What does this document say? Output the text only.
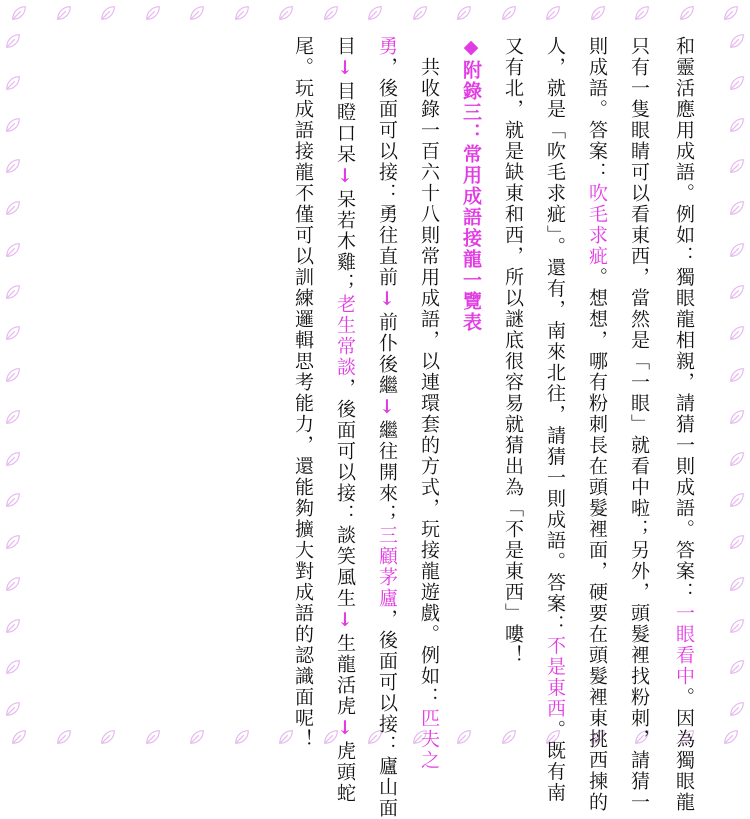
和靈活應用成語。例如：獨眼龍相親，請猜一則成語。答案：一眼看中。因為獨眼龍
只有一隻眼睛可以看東西，當然是「一眼」就看中啦；另外，頭髮裡找粉刺，請猜一
則成語。答案：吹毛求疵。想想，哪有粉刺長在頭髮裡面，硬要在頭髮裡東挑西揀的
人，就是「吹毛求疵」。還有，南來北往，請猜一則成語。答案：不是東西。既有南
又有北，就是缺東和西，所以謎底很容易就猜出為「不是東西」嘍！
◆附錄三：常用成語接龍一覽表
　共收錄一百六十八則常用成語，以連環套的方式，玩接龍遊戲。例如：匹夫之
勇，後面可以接：勇往直前↓前仆後繼↓繼往開來；三顧茅廬，後面可以接：廬山面
目↓目瞪口呆↓呆若木雞；老生常談，後面可以接：談笑風生↓生龍活虎↓虎頭蛇
尾。玩成語接龍不僅可以訓練邏輯思考能力，還能夠擴大對成語的認識面呢！
